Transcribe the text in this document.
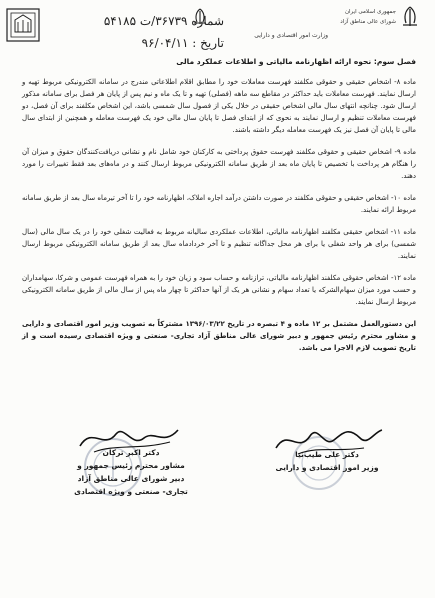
شماره ۳۶۷۳۹/ت ۵۴۱۸۵
تاریخ : ۹۶/۰۴/۱۱
وزارت امور اقتصادی و دارایی
جمهوری اسلامی ایران
شورای عالی مناطق آزاد
فصل سوم: نحوه ارائه اظهارنامه مالیاتی و اطلاعات عملکرد مالی

ماده ۸- اشخاص حقیقی و حقوقی مکلفند فهرست معاملات خود را مطابق اقلام اطلاعاتی مندرج در سامانه الکترونیکی مربوط تهیه و ارسال نمایند. فهرست معاملات باید حداکثر در مقاطع سه ماهه (فصلی) تهیه و تا یک ماه و نیم پس از پایان هر فصل برای سامانه مذکور ارسال شود. چنانچه انتهای سال مالی اشخاص حقیقی در خلال یکی از فصول سال شمسی باشد، این اشخاص مکلفند برای آن فصل، دو فهرست معاملات تنظیم و ارسال نمایند به نحوی که از ابتدای فصل تا پایان سال مالی خود یک فهرست معامله و همچنین از ابتدای سال مالی تا پایان آن فصل نیز یک فهرست معامله دیگر داشته باشند.

ماده ۹- اشخاص حقیقی و حقوقی مکلفند فهرست حقوق پرداختی به کارکنان خود شامل نام و نشانی دریافت‌کنندگان حقوق و میزان آن را هنگام هر پرداخت با تخصیص تا پایان ماه بعد از طریق سامانه الکترونیکی مربوط ارسال کنند و در ماه‌های بعد فقط تغییرات را مورد دهند.

ماده ۱۰- اشخاص حقیقی و حقوقی مکلفند در صورت داشتن درآمد اجاره املاک، اظهارنامه خود را تا آخر تیرماه سال بعد از طریق سامانه مربوط ارائه نمایند.

ماده ۱۱- اشخاص حقیقی مکلفند اظهارنامه مالیاتی، اطلاعات عملکردی سالیانه مربوط به فعالیت شغلی خود را در یک سال مالی (سال شمسی) برای هر واحد شغلی یا برای هر محل جداگانه تنظیم و تا آخر خردادماه سال بعد از طریق سامانه الکترونیکی مربوط ارسال نمایند.

ماده ۱۲- اشخاص حقوقی مکلفند اظهارنامه مالیاتی، ترازنامه و حساب سود و زیان خود را به همراه فهرست عمومی و شرکا، سهامداران و حسب مورد میزان سهام‌الشرکه یا تعداد سهام و نشانی هر یک از آنها حداکثر تا چهار ماه پس از سال مالی از طریق سامانه الکترونیکی مربوط ارسال نمایند.

این دستورالعمل مشتمل بر ۱۲ ماده و ۴ تبصره در تاریخ ۱۳۹۶/۰۳/۲۲ مشترکاً به تصویب وزیر امور اقتصادی و دارایی و مشاور محترم رئیس جمهور و دبیر شورای عالی مناطق آزاد تجاری- صنعتی و ویژه اقتصادی رسیده است و از تاریخ تصویب لازم الاجرا می باشد.

دکتر علی طیب‌نیا
وزیر امور اقتصادی و دارایی
دکتر اکبر ترکان
مشاور محترم رئیس جمهور و
دبیر شورای عالی مناطق آزاد
تجاری- صنعتی و ویژه اقتصادی
